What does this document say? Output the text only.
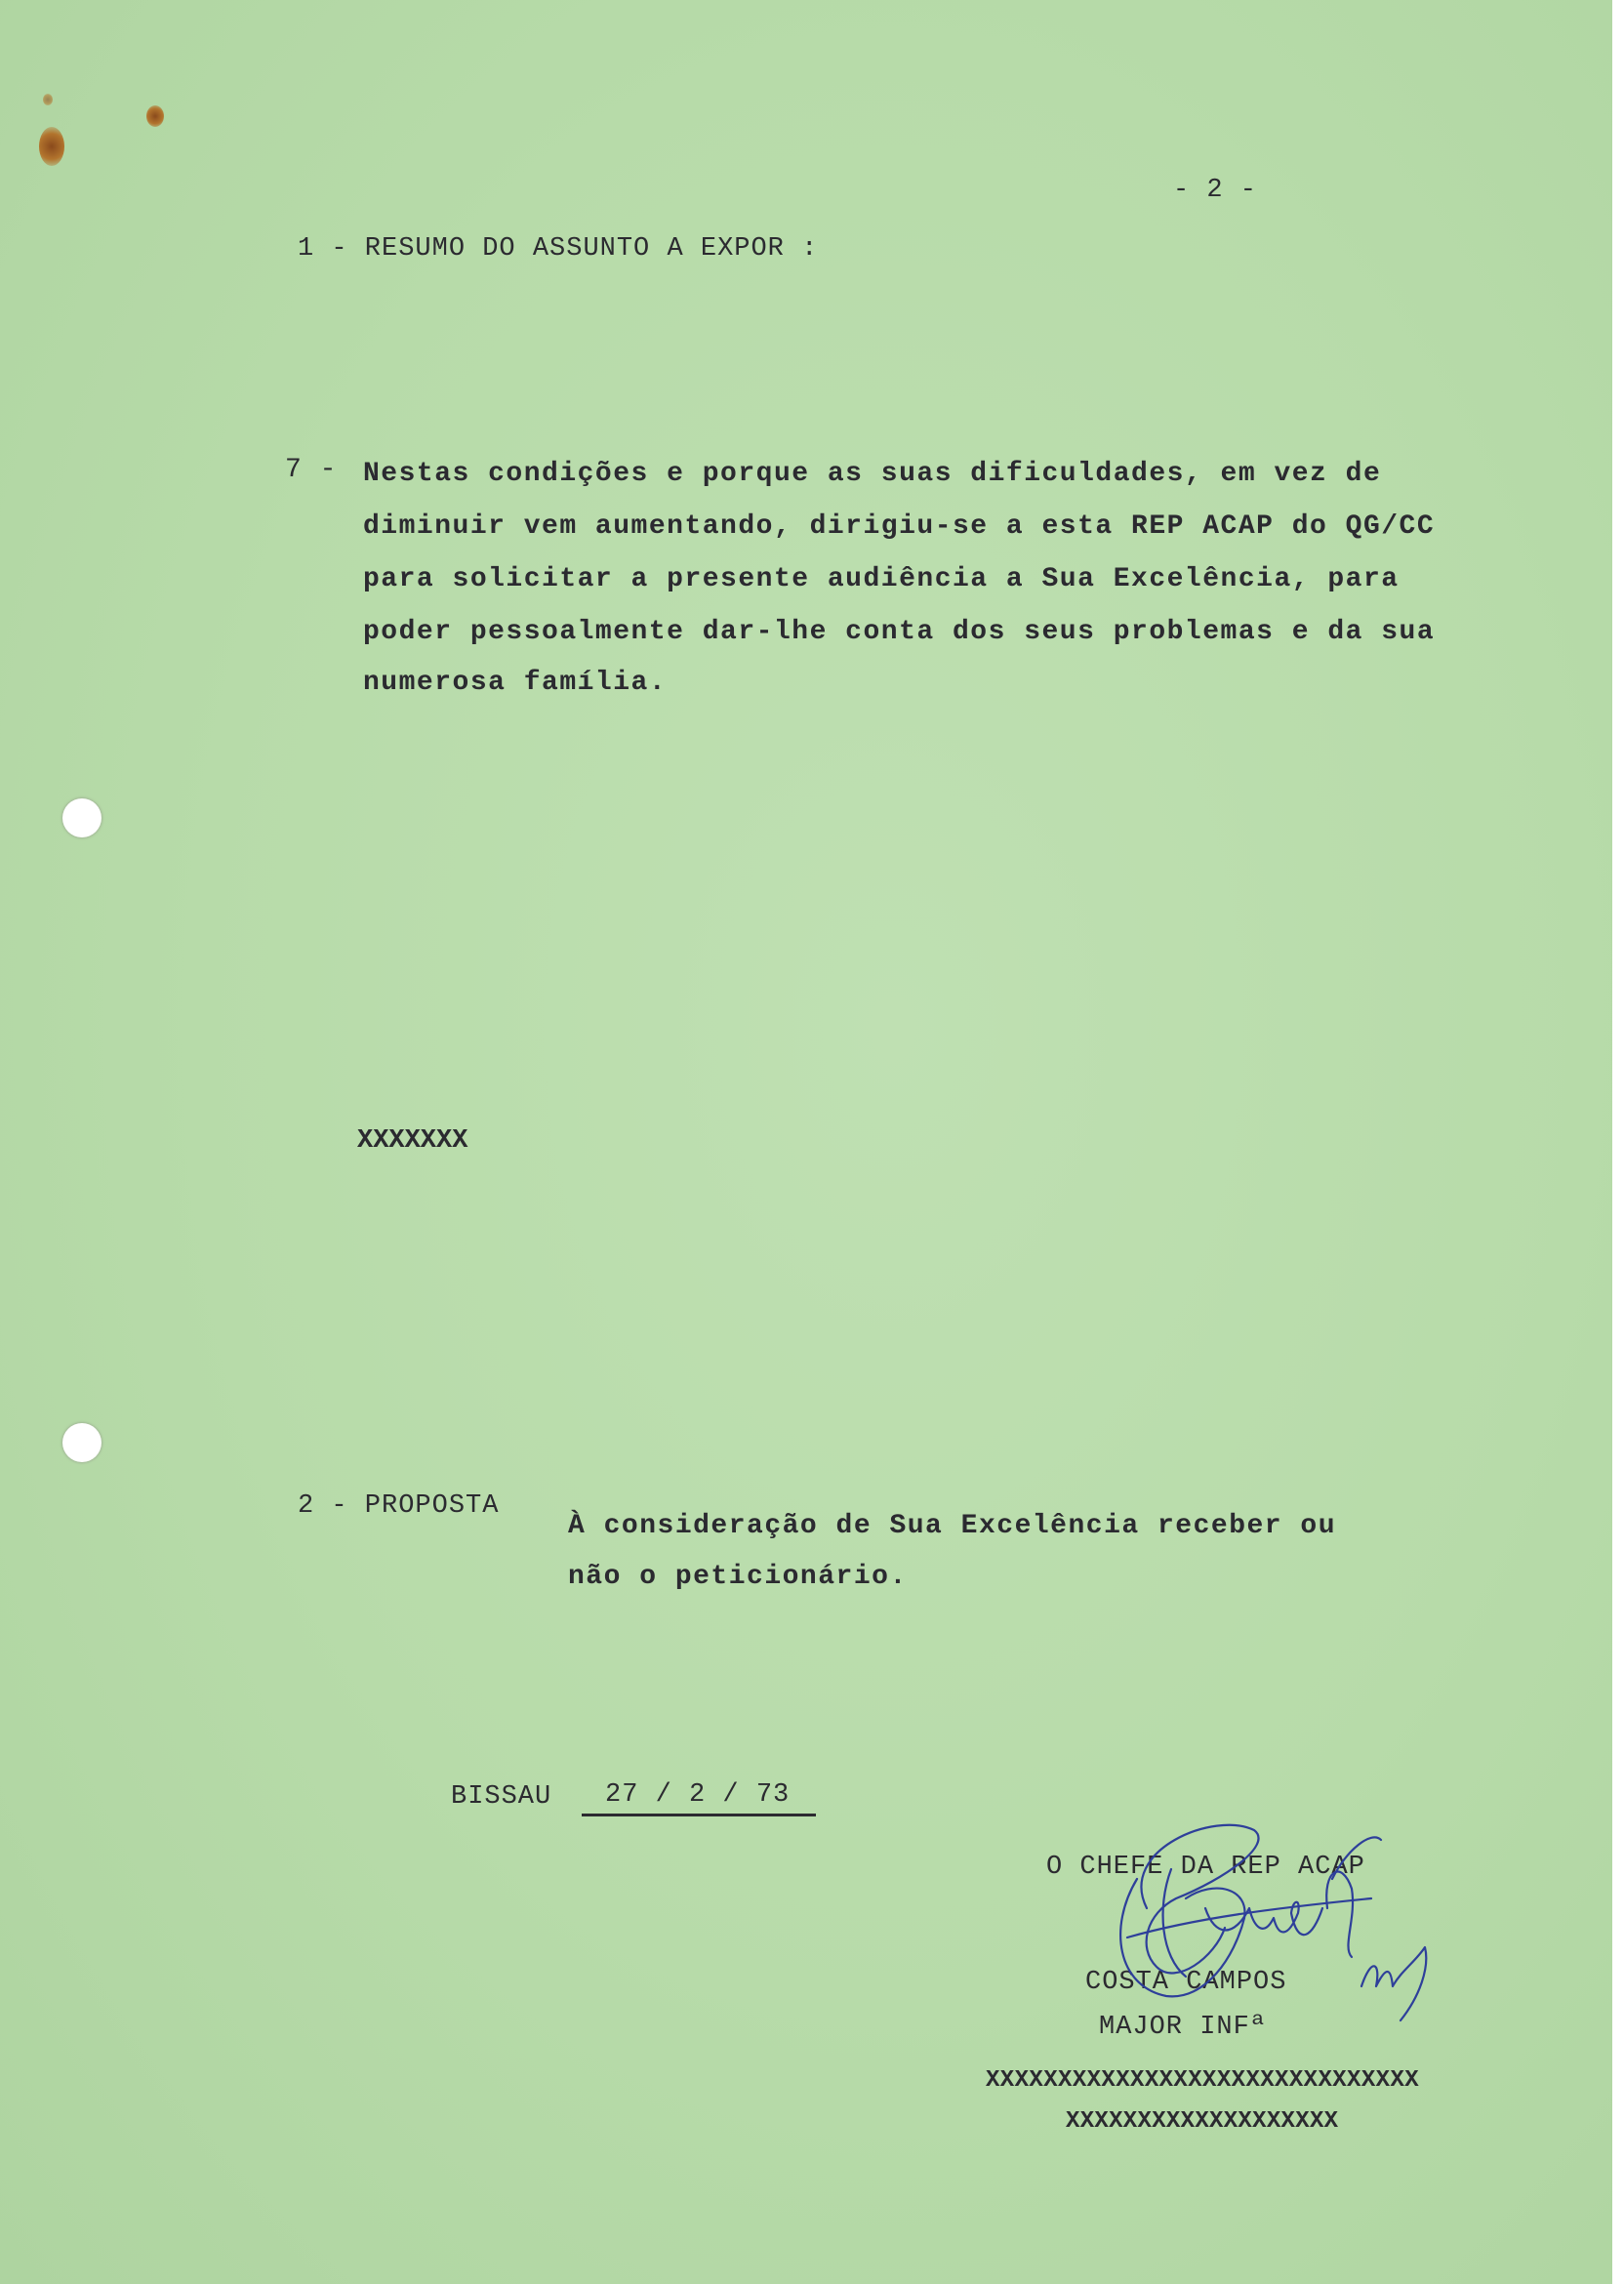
- 2 -
1 - RESUMO DO ASSUNTO A EXPOR :
7 - Nestas condições e porque as suas dificuldades, em vez de
diminuir vem aumentando, dirigiu-se a esta REP ACAP do QG/CC
para solicitar a presente audiência a Sua Excelência, para
poder pessoalmente dar-lhe conta dos seus problemas e da sua
numerosa família.
XXXXXXX
2 - PROPOSTA
À consideração de Sua Excelência receber ou
não o peticionário.
BISSAU 27 / 2 / 73
O CHEFE DA REP ACAP
COSTA CAMPOS
MAJOR INFª
XXXXXXXXXXXXXXXXXXXXXXXXXXXXXX
XXXXXXXXXXXXXXXXXXX
